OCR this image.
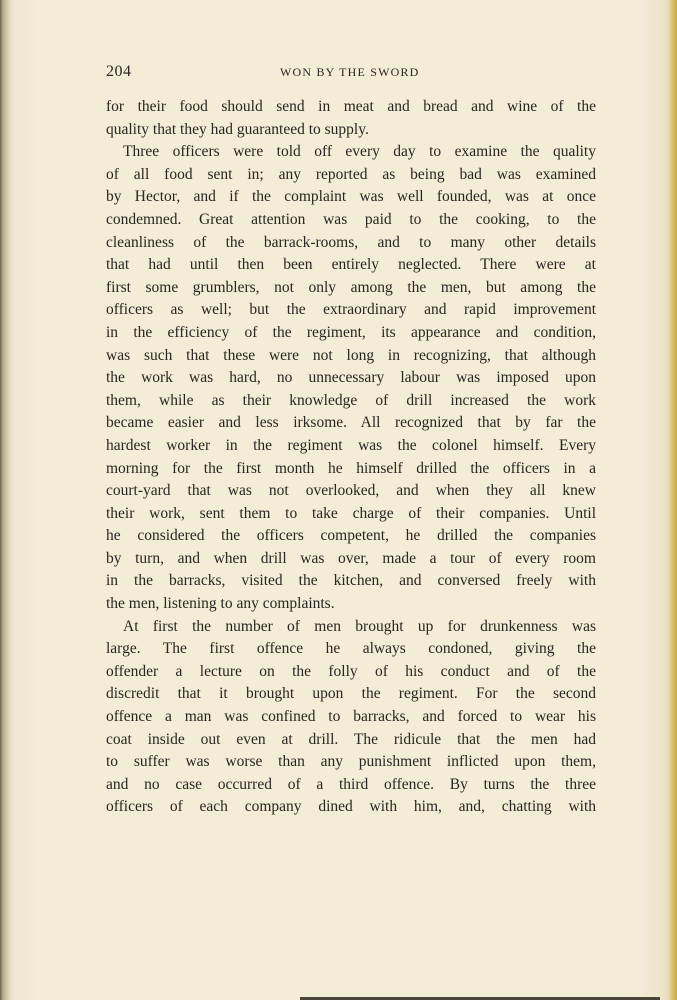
204	WON BY THE SWORD
for their food should send in meat and bread and wine of the
quality that they had guaranteed to supply.
Three officers were told off every day to examine the quality
of all food sent in; any reported as being bad was examined
by Hector, and if the complaint was well founded, was at once
condemned. Great attention was paid to the cooking, to the
cleanliness of the barrack-rooms, and to many other details
that had until then been entirely neglected. There were at
first some grumblers, not only among the men, but among the
officers as well; but the extraordinary and rapid improvement
in the efficiency of the regiment, its appearance and condition,
was such that these were not long in recognizing, that although
the work was hard, no unnecessary labour was imposed upon
them, while as their knowledge of drill increased the work
became easier and less irksome. All recognized that by far the
hardest worker in the regiment was the colonel himself. Every
morning for the first month he himself drilled the officers in a
court-yard that was not overlooked, and when they all knew
their work, sent them to take charge of their companies. Until
he considered the officers competent, he drilled the companies
by turn, and when drill was over, made a tour of every room
in the barracks, visited the kitchen, and conversed freely with
the men, listening to any complaints.
At first the number of men brought up for drunkenness was
large. The first offence he always condoned, giving the
offender a lecture on the folly of his conduct and of the
discredit that it brought upon the regiment. For the second
offence a man was confined to barracks, and forced to wear his
coat inside out even at drill. The ridicule that the men had
to suffer was worse than any punishment inflicted upon them,
and no case occurred of a third offence. By turns the three
officers of each company dined with him, and, chatting with
